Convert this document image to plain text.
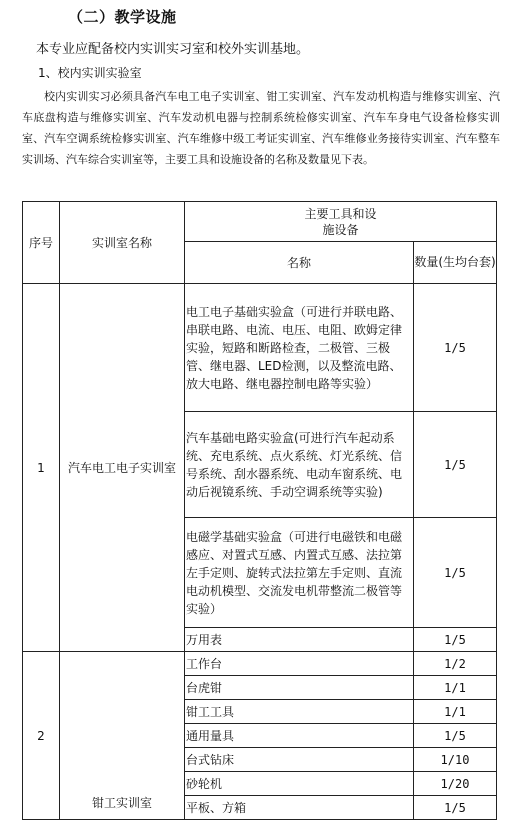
（二）教学设施
本专业应配备校内实训实习室和校外实训基地。
1、校内实训实验室
校内实训实习必须具备汽车电工电子实训室、钳工实训室、汽车发动机构造与维修实训室、汽车底盘构造与维修实训室、汽车发动机电器与控制系统检修实训室、汽车车身电气设备检修实训室、汽车空调系统检修实训室、汽车维修中级工考证实训室、汽车维修业务接待实训室、汽车整车实训场、汽车综合实训室等，主要工具和设施设备的名称及数量见下表。
序号	实训室名称	主要工具和设
施设备	
		名称	数量(生均台套)
1	汽车电工电子实训室	电工电子基础实验盒（可进行并联电路、串联电路、电流、电压、电阻、欧姆定律实验，短路和断路检查，二极管、三极管、继电器、LED检测，以及整流电路、放大电路、继电器控制电路等实验）	1/5
		汽车基础电路实验盒(可进行汽车起动系统、充电系统、点火系统、灯光系统、信号系统、刮水器系统、电动车窗系统、电动后视镜系统、手动空调系统等实验)	1/5
		电磁学基础实验盒（可进行电磁铁和电磁感应、对置式互感、内置式互感、法拉第左手定则、旋转式法拉第左手定则、直流电动机模型、交流发电机带整流二极管等实验）	1/5
		万用表	1/5
2	钳工实训室	工作台	1/2
		台虎钳	1/1
		钳工工具	1/1
		通用量具	1/5
		台式钻床	1/10
		砂轮机	1/20
		平板、方箱	1/5
